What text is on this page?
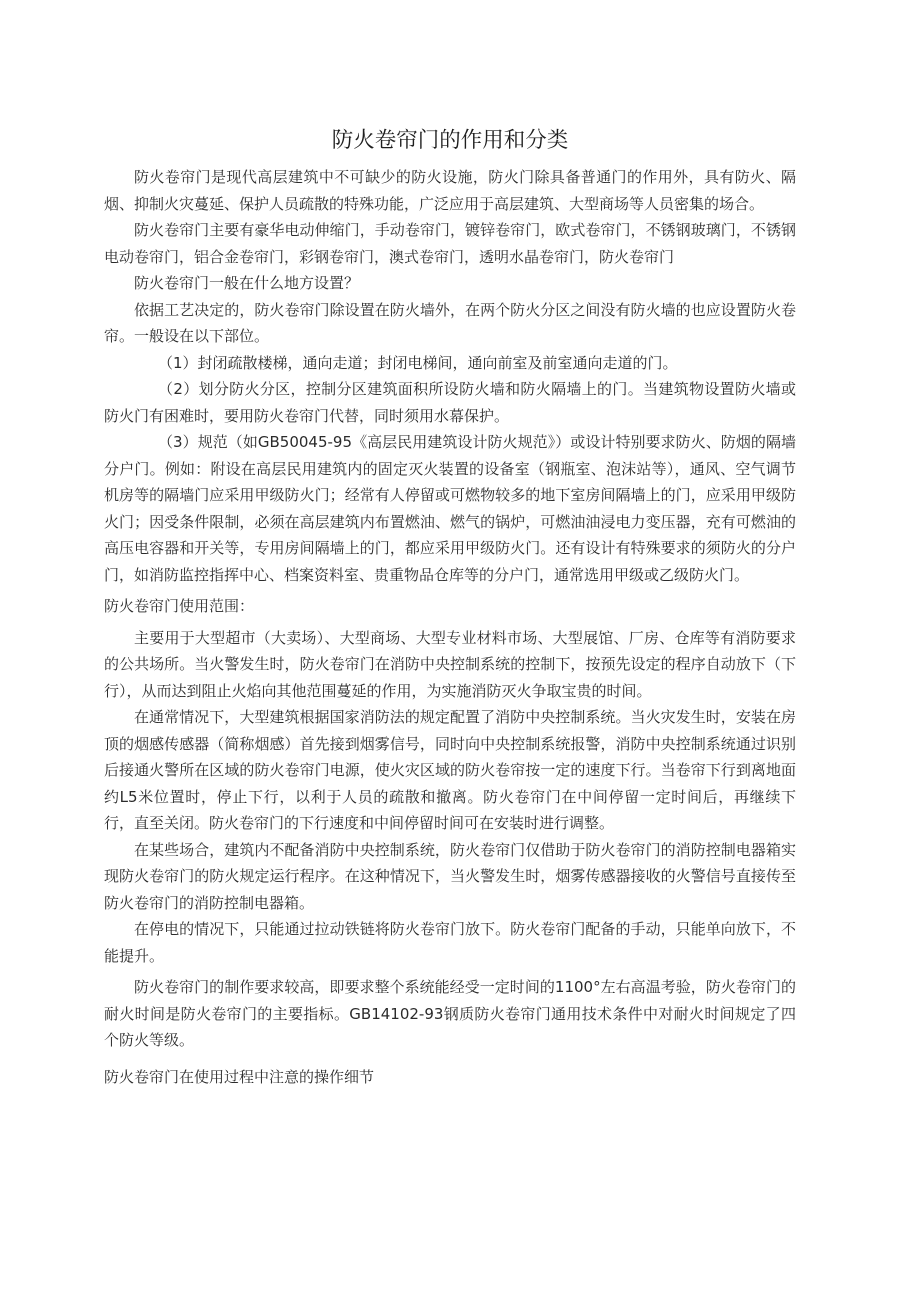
防火卷帘门的作用和分类

防火卷帘门是现代高层建筑中不可缺少的防火设施，防火门除具备普通门的作用外，具有防火、隔烟、抑制火灾蔓延、保护人员疏散的特殊功能，广泛应用于高层建筑、大型商场等人员密集的场合。

防火卷帘门主要有豪华电动伸缩门，手动卷帘门，镀锌卷帘门，欧式卷帘门，不锈钢玻璃门，不锈钢电动卷帘门，铝合金卷帘门，彩钢卷帘门，澳式卷帘门，透明水晶卷帘门，防火卷帘门

防火卷帘门一般在什么地方设置？

依据工艺决定的，防火卷帘门除设置在防火墙外，在两个防火分区之间没有防火墙的也应设置防火卷帘。一般设在以下部位。

（1）封闭疏散楼梯，通向走道；封闭电梯间，通向前室及前室通向走道的门。

（2）划分防火分区，控制分区建筑面积所设防火墙和防火隔墙上的门。当建筑物设置防火墙或防火门有困难时，要用防火卷帘门代替，同时须用水幕保护。

（3）规范（如GB50045-95《高层民用建筑设计防火规范》）或设计特别要求防火、防烟的隔墙分户门。例如：附设在高层民用建筑内的固定灭火装置的设备室（钢瓶室、泡沫站等），通风、空气调节机房等的隔墙门应采用甲级防火门；经常有人停留或可燃物较多的地下室房间隔墙上的门，应采用甲级防火门；因受条件限制，必须在高层建筑内布置燃油、燃气的锅炉，可燃油油浸电力变压器，充有可燃油的高压电容器和开关等，专用房间隔墙上的门，都应采用甲级防火门。还有设计有特殊要求的须防火的分户门，如消防监控指挥中心、档案资料室、贵重物品仓库等的分户门，通常选用甲级或乙级防火门。

防火卷帘门使用范围：

主要用于大型超市（大卖场）、大型商场、大型专业材料市场、大型展馆、厂房、仓库等有消防要求的公共场所。当火警发生时，防火卷帘门在消防中央控制系统的控制下，按预先设定的程序自动放下（下行），从而达到阻止火焰向其他范围蔓延的作用，为实施消防灭火争取宝贵的时间。

在通常情况下，大型建筑根据国家消防法的规定配置了消防中央控制系统。当火灾发生时，安装在房顶的烟感传感器（简称烟感）首先接到烟雾信号，同时向中央控制系统报警，消防中央控制系统通过识别后接通火警所在区域的防火卷帘门电源，使火灾区域的防火卷帘按一定的速度下行。当卷帘下行到离地面约L5米位置时，停止下行，以利于人员的疏散和撤离。防火卷帘门在中间停留一定时间后，再继续下行，直至关闭。防火卷帘门的下行速度和中间停留时间可在安装时进行调整。

在某些场合，建筑内不配备消防中央控制系统，防火卷帘门仅借助于防火卷帘门的消防控制电器箱实现防火卷帘门的防火规定运行程序。在这种情况下，当火警发生时，烟雾传感器接收的火警信号直接传至防火卷帘门的消防控制电器箱。

在停电的情况下，只能通过拉动铁链将防火卷帘门放下。防火卷帘门配备的手动，只能单向放下，不能提升。

防火卷帘门的制作要求较高，即要求整个系统能经受一定时间的1100°左右高温考验，防火卷帘门的耐火时间是防火卷帘门的主要指标。GB14102-93钢质防火卷帘门通用技术条件中对耐火时间规定了四个防火等级。

防火卷帘门在使用过程中注意的操作细节
